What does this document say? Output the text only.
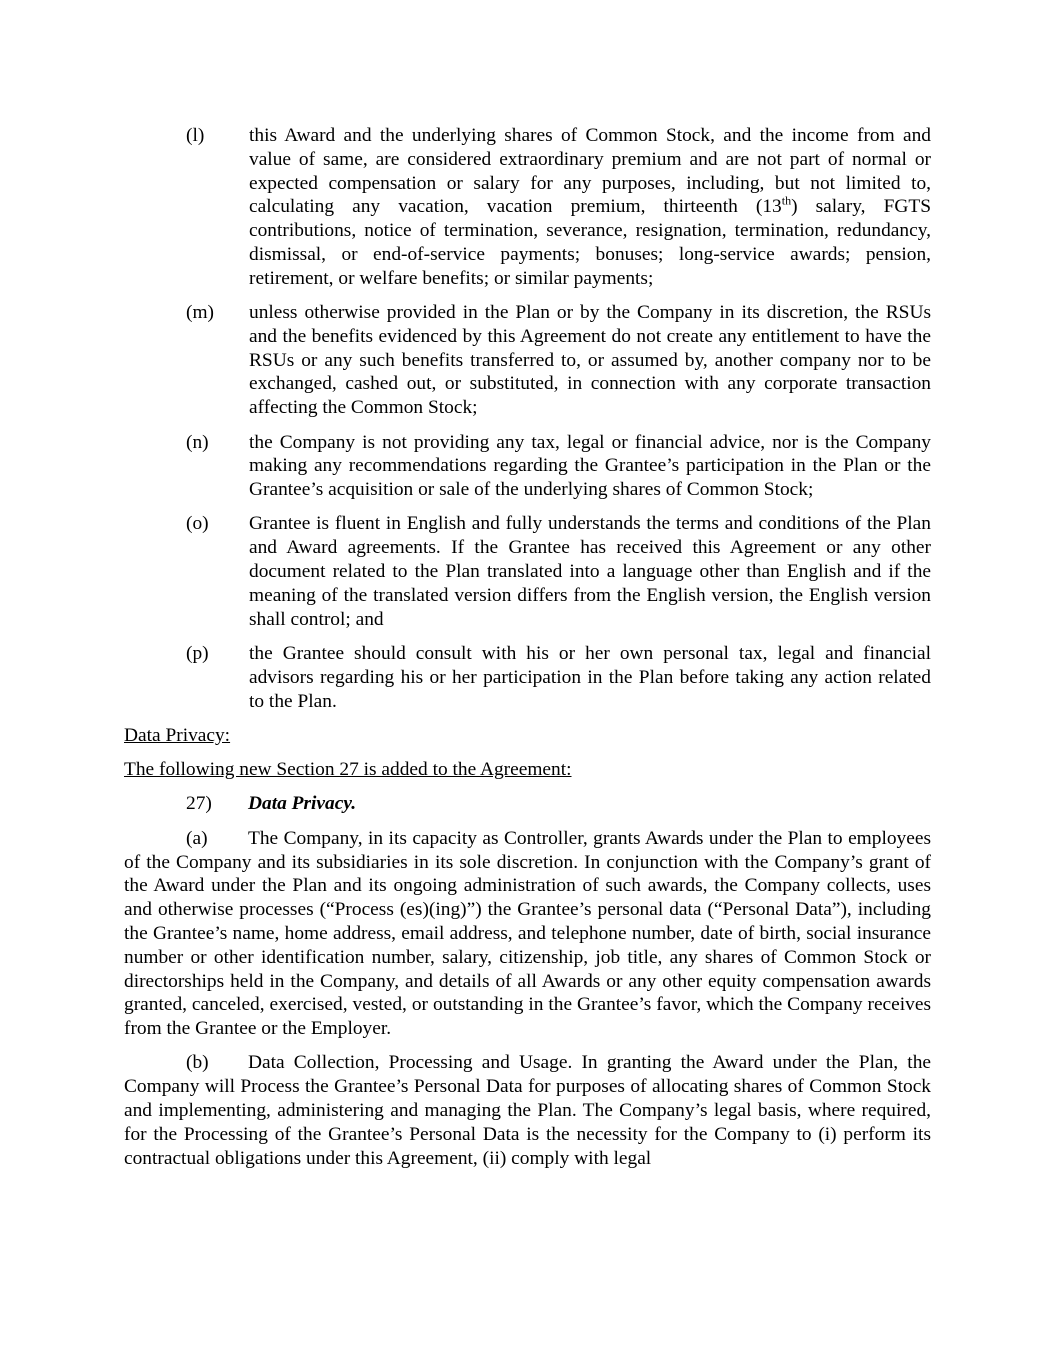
(l)	this Award and the underlying shares of Common Stock, and the income from and value of same, are considered extraordinary premium and are not part of normal or expected compensation or salary for any purposes, including, but not limited to, calculating any vacation, vacation premium, thirteenth (13th) salary, FGTS contributions, notice of termination, severance, resignation, termination, redundancy, dismissal, or end-of-service payments; bonuses; long-service awards; pension, retirement, or welfare benefits; or similar payments;
(m)	unless otherwise provided in the Plan or by the Company in its discretion, the RSUs and the benefits evidenced by this Agreement do not create any entitlement to have the RSUs or any such benefits transferred to, or assumed by, another company nor to be exchanged, cashed out, or substituted, in connection with any corporate transaction affecting the Common Stock;
(n)	the Company is not providing any tax, legal or financial advice, nor is the Company making any recommendations regarding the Grantee’s participation in the Plan or the Grantee’s acquisition or sale of the underlying shares of Common Stock;
(o)	Grantee is fluent in English and fully understands the terms and conditions of the Plan and Award agreements. If the Grantee has received this Agreement or any other document related to the Plan translated into a language other than English and if the meaning of the translated version differs from the English version, the English version shall control; and
(p)	the Grantee should consult with his or her own personal tax, legal and financial advisors regarding his or her participation in the Plan before taking any action related to the Plan.
Data Privacy:
The following new Section 27 is added to the Agreement:
27)	Data Privacy.
(a) The Company, in its capacity as Controller, grants Awards under the Plan to employees of the Company and its subsidiaries in its sole discretion. In conjunction with the Company’s grant of the Award under the Plan and its ongoing administration of such awards, the Company collects, uses and otherwise processes (“Process (es)(ing)”) the Grantee’s personal data (“Personal Data”), including the Grantee’s name, home address, email address, and telephone number, date of birth, social insurance number or other identification number, salary, citizenship, job title, any shares of Common Stock or directorships held in the Company, and details of all Awards or any other equity compensation awards granted, canceled, exercised, vested, or outstanding in the Grantee’s favor, which the Company receives from the Grantee or the Employer.
(b) Data Collection, Processing and Usage. In granting the Award under the Plan, the Company will Process the Grantee’s Personal Data for purposes of allocating shares of Common Stock and implementing, administering and managing the Plan. The Company’s legal basis, where required, for the Processing of the Grantee’s Personal Data is the necessity for the Company to (i) perform its contractual obligations under this Agreement, (ii) comply with legal
